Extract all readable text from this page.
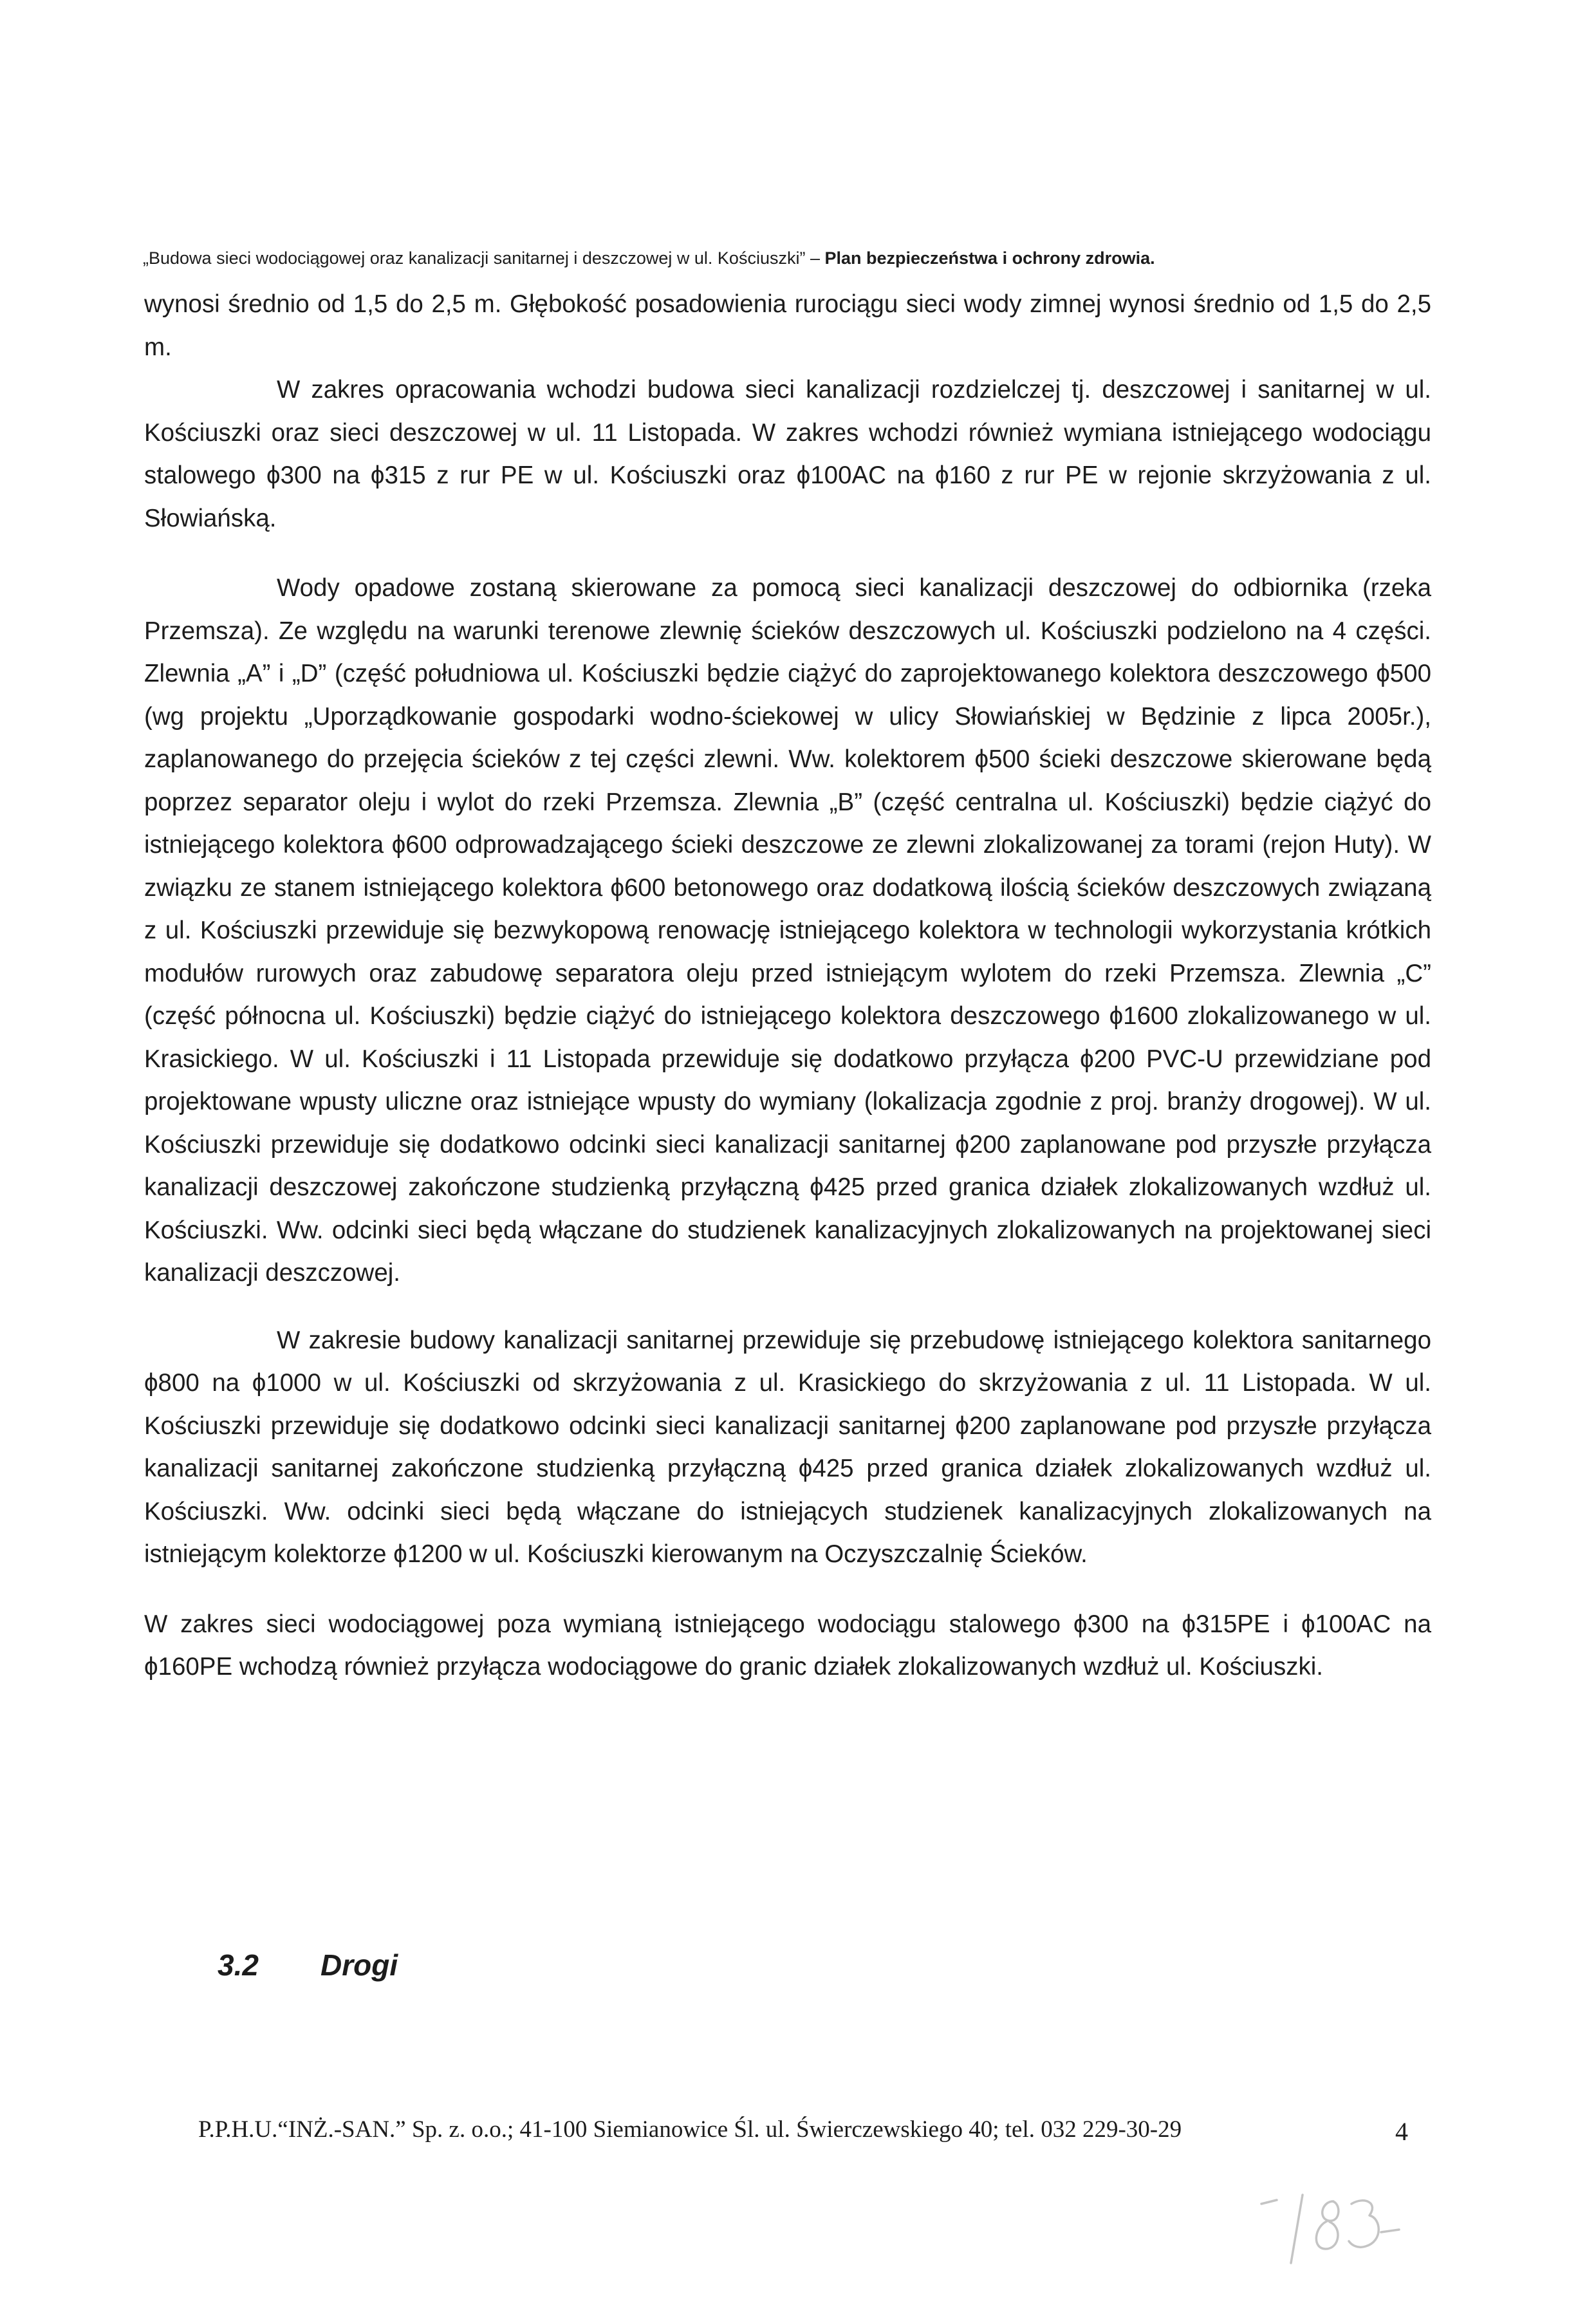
„Budowa sieci wodociągowej oraz kanalizacji sanitarnej i deszczowej w ul. Kościuszki” – Plan bezpieczeństwa i ochrony zdrowia.

wynosi średnio od 1,5 do 2,5 m. Głębokość posadowienia rurociągu sieci wody zimnej wynosi średnio od 1,5 do 2,5 m.

W zakres opracowania wchodzi budowa sieci kanalizacji rozdzielczej tj. deszczowej i sanitarnej w ul. Kościuszki oraz sieci deszczowej w ul. 11 Listopada. W zakres wchodzi również wymiana istniejącego wodociągu stalowego ϕ300 na ϕ315 z rur PE w ul. Kościuszki oraz ϕ100AC na ϕ160 z rur PE w rejonie skrzyżowania z ul. Słowiańską.

Wody opadowe zostaną skierowane za pomocą sieci kanalizacji deszczowej do odbiornika (rzeka Przemsza). Ze względu na warunki terenowe zlewnię ścieków deszczowych ul. Kościuszki podzielono na 4 części. Zlewnia „A” i „D” (część południowa ul. Kościuszki będzie ciążyć do zaprojektowanego kolektora deszczowego ϕ500 (wg projektu „Uporządkowanie gospodarki wodno-ściekowej w ulicy Słowiańskiej w Będzinie z lipca 2005r.), zaplanowanego do przejęcia ścieków z tej części zlewni. Ww. kolektorem ϕ500 ścieki deszczowe skierowane będą poprzez separator oleju i wylot do rzeki Przemsza. Zlewnia „B” (część centralna ul. Kościuszki) będzie ciążyć do istniejącego kolektora ϕ600 odprowadzającego ścieki deszczowe ze zlewni zlokalizowanej za torami (rejon Huty). W związku ze stanem istniejącego kolektora ϕ600 betonowego oraz dodatkową ilością ścieków deszczowych związaną z ul. Kościuszki przewiduje się bezwykopową renowację istniejącego kolektora w technologii wykorzystania krótkich modułów rurowych oraz zabudowę separatora oleju przed istniejącym wylotem do rzeki Przemsza. Zlewnia „C” (część północna ul. Kościuszki) będzie ciążyć do istniejącego kolektora deszczowego ϕ1600 zlokalizowanego w ul. Krasickiego. W ul. Kościuszki i 11 Listopada przewiduje się dodatkowo przyłącza ϕ200 PVC-U przewidziane pod projektowane wpusty uliczne oraz istniejące wpusty do wymiany (lokalizacja zgodnie z proj. branży drogowej). W ul. Kościuszki przewiduje się dodatkowo odcinki sieci kanalizacji sanitarnej ϕ200 zaplanowane pod przyszłe przyłącza kanalizacji deszczowej zakończone studzienką przyłączną ϕ425 przed granica działek zlokalizowanych wzdłuż ul. Kościuszki. Ww. odcinki sieci będą włączane do studzienek kanalizacyjnych zlokalizowanych na projektowanej sieci kanalizacji deszczowej.

W zakresie budowy kanalizacji sanitarnej przewiduje się przebudowę istniejącego kolektora sanitarnego ϕ800 na ϕ1000 w ul. Kościuszki od skrzyżowania z ul. Krasickiego do skrzyżowania z ul. 11 Listopada. W ul. Kościuszki przewiduje się dodatkowo odcinki sieci kanalizacji sanitarnej ϕ200 zaplanowane pod przyszłe przyłącza kanalizacji sanitarnej zakończone studzienką przyłączną ϕ425 przed granica działek zlokalizowanych wzdłuż ul. Kościuszki. Ww. odcinki sieci będą włączane do istniejących studzienek kanalizacyjnych zlokalizowanych na istniejącym kolektorze ϕ1200 w ul. Kościuszki kierowanym na Oczyszczalnię Ścieków.

W zakres sieci wodociągowej poza wymianą istniejącego wodociągu stalowego ϕ300 na ϕ315PE i ϕ100AC na ϕ160PE wchodzą również przyłącza wodociągowe do granic działek zlokalizowanych wzdłuż ul. Kościuszki.

3.2 Drogi
P.P.H.U.“INŻ.-SAN.” Sp. z. o.o.; 41-100 Siemianowice Śl. ul. Świerczewskiego 40; tel. 032 229-30-29	4
